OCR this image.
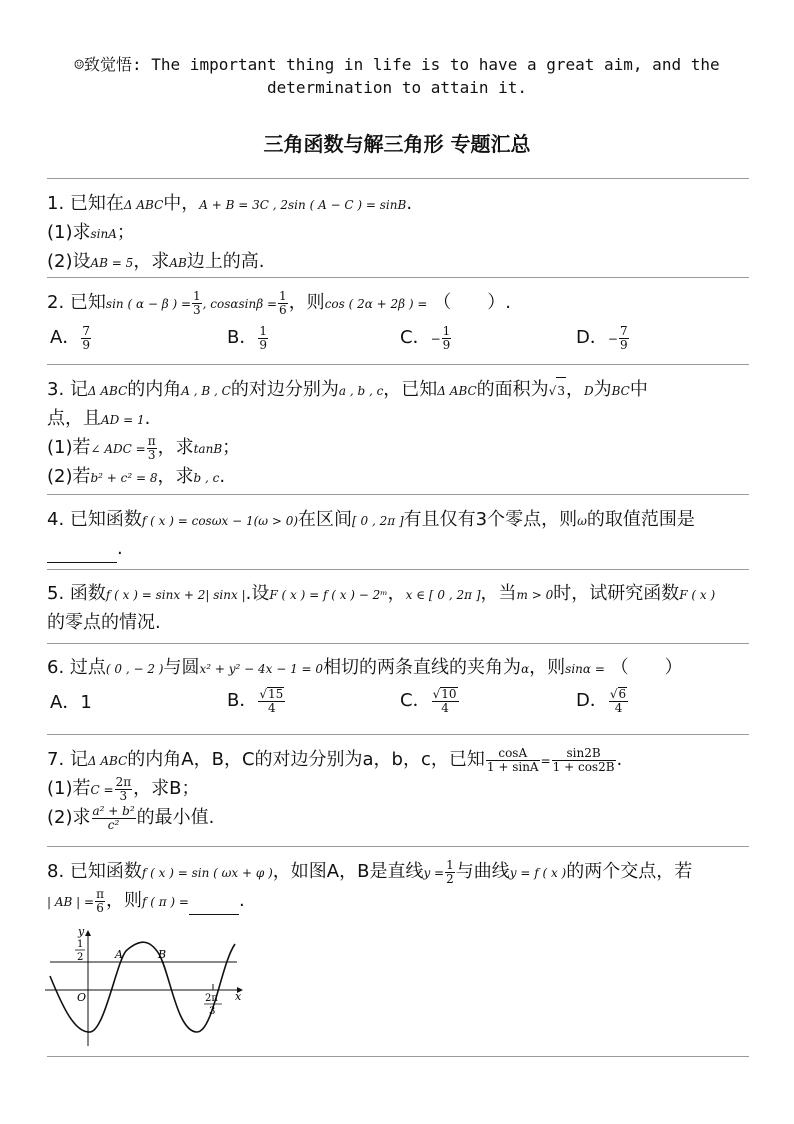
☺致觉悟: The important thing in life is to have a great aim, and the
determination to attain it.
三角函数与解三角形 专题汇总
1. 已知在Δ ABC中，A + B = 3C , 2sin ( A − C ) = sinB.
(1)求sinA；
(2)设AB = 5，求AB边上的高.
2. 已知sin ( α − β ) = $\frac{1}{3}$ , $\cos\alpha\sin\beta = \frac{1}{6}$ ，则cos ( 2α + 2β ) = （　　）.
A． $\frac{7}{9}$	B． $\frac{1}{9}$	C．− $\frac{1}{9}$	D．− $\frac{7}{9}$
3. 记Δ ABC的内角A , B , C的对边分别为a , b , c，已知Δ ABC的面积为√3，D为BC中
点，且AD = 1.
(1)若∠ ADC = $\frac{\pi}{3}$ ，求tanB；
(2)若b² + c² = 8，求b , c.
4. 已知函数f ( x ) = cosωx − 1(ω > 0)在区间[ 0 , 2π ]有且仅有3个零点，则ω的取值范围是
.
5. 函数f ( x ) = sinx + 2| sinx |.设F ( x ) = f ( x ) − 2ᵐ，x ∈ [ 0 , 2π ]，当m > 0时，试研究函数F ( x )
的零点的情况.
6. 过点( 0 , − 2 )与圆x² + y² − 4x − 1 = 0相切的两条直线的夹角为α，则sinα = （　　）
A．1	B． $\frac{√15}{4}$	C． $\frac{√10}{4}$	D． $\frac{√6}{4}$
7. 记Δ ABC的内角A，B，C的对边分别为a，b，c，已知 $\frac{\cos A}{1 + \sin A} = \frac{\sin 2B}{1 + \cos 2B}$ .
(1)若$C = \frac{2\pi}{3}$ ，求B；
(2)求 $\frac{\text{a² + b²}}{\text{c²}}$ 的最小值.
8. 已知函数f ( x ) = sin ( ωx + φ )，如图A，B是直线$y = \frac{1}{2}$ 与曲线y = f ( x )的两个交点，若
| AB | = $\frac{\pi}{6}$ ，则f ( π ) =	.
y
x
O
1
2	A	B
2π
3
